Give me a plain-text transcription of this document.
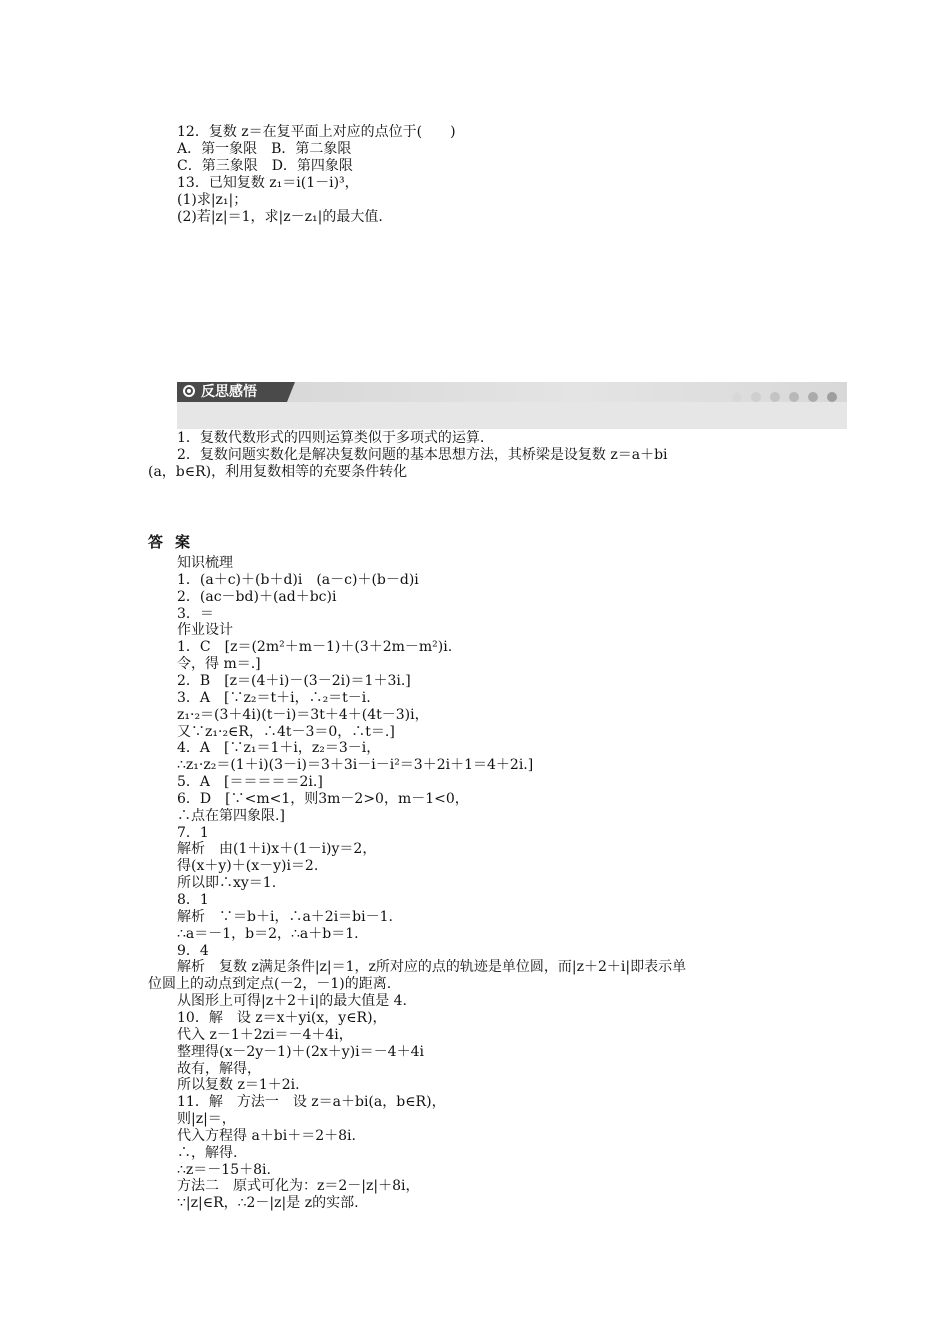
12．复数 z＝在复平面上对应的点位于(　　)
A．第一象限　B．第二象限
C．第三象限　D．第四象限
13．已知复数 z₁＝i(1－i)³，
(1)求|z₁|；
(2)若|z|＝1，求|z－z₁|的最大值.
反思感悟
1．复数代数形式的四则运算类似于多项式的运算.
2．复数问题实数化是解决复数问题的基本思想方法，其桥梁是设复数 z＝a＋bi
(a，b∈R)，利用复数相等的充要条件转化
答案
知识梳理
1．(a＋c)＋(b＋d)i　(a－c)＋(b－d)i
2．(ac－bd)＋(ad＋bc)i
3．＝
作业设计
1．C　[z＝(2m²＋m－1)＋(3＋2m－m²)i.
令，得 m＝.]
2．B　[z＝(4＋i)－(3－2i)＝1＋3i.]
3．A　[∵z₂＝t＋i，∴₂＝t－i.
z₁·₂＝(3＋4i)(t－i)＝3t＋4＋(4t－3)i，
又∵z₁·₂∈R，∴4t－3＝0，∴t＝.]
4．A　[∵z₁＝1＋i，z₂＝3－i，
∴z₁·z₂＝(1＋i)(3－i)＝3＋3i－i－i²＝3＋2i＋1＝4＋2i.]
5．A　[＝＝＝＝＝2i.]
6．D　[∵<m<1，则3m－2>0，m－1<0，
∴点在第四象限.]
7．1
解析　由(1＋i)x＋(1－i)y＝2，
得(x＋y)＋(x－y)i＝2.
所以即∴xy＝1.
8．1
解析　∵＝b＋i，∴a＋2i＝bi－1.
∴a＝－1，b＝2，∴a＋b＝1.
9．4
解析　复数 z满足条件|z|＝1，z所对应的点的轨迹是单位圆，而|z＋2＋i|即表示单
位圆上的动点到定点(－2，－1)的距离.
从图形上可得|z＋2＋i|的最大值是 4.
10．解　设 z＝x＋yi(x，y∈R)，
代入 z－1＋2zi＝－4＋4i，
整理得(x－2y－1)＋(2x＋y)i＝－4＋4i
故有，解得，
所以复数 z＝1＋2i.
11．解　方法一　设 z＝a＋bi(a，b∈R)，
则|z|＝，
代入方程得 a＋bi＋＝2＋8i.
∴，解得.
∴z＝－15＋8i.
方法二　原式可化为：z＝2－|z|＋8i，
∵|z|∈R，∴2－|z|是 z的实部.
